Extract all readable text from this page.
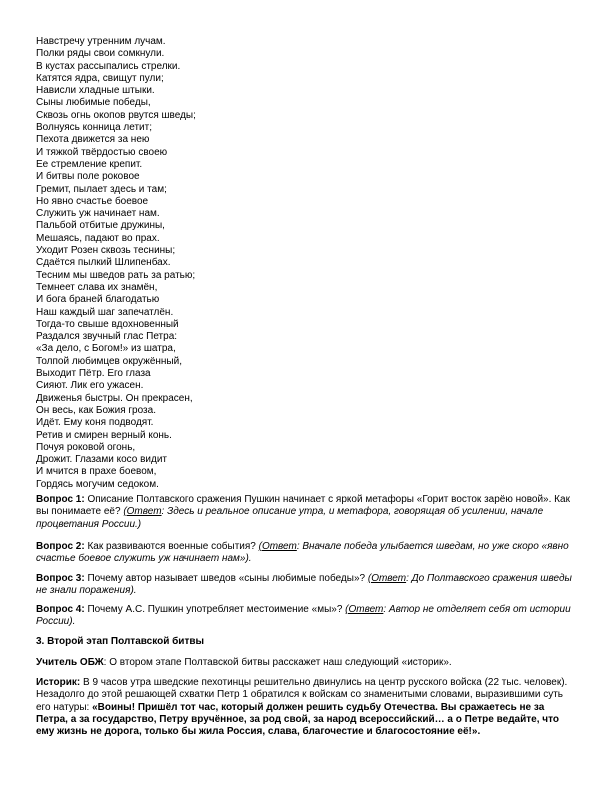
Навстречу утренним лучам.
Полки ряды свои сомкнули.
В кустах рассыпались стрелки.
Катятся ядра, свищут пули;
Нависли хладные штыки.
Сыны любимые победы,
Сквозь огнь окопов рвутся шведы;
Волнуясь конница летит;
Пехота движется за нею
И тяжкой твёрдостью своею
Ее стремление крепит.
И битвы поле роковое
Гремит, пылает здесь и там;
Но явно счастье боевое
Служить уж начинает нам.
Пальбой отбитые дружины,
Мешаясь, падают во прах.
Уходит Розен сквозь теснины;
Сдаётся пылкий Шлипенбах.
Тесним мы шведов рать за ратью;
Темнеет слава их знамён,
И бога браней благодатью
Наш каждый шаг запечатлён.
Тогда-то свыше вдохновенный
Раздался звучный глас Петра:
«За дело, с Богом!» из шатра,
Толпой любимцев окружённый,
Выходит Пётр. Его глаза
Сияют. Лик его ужасен.
Движенья быстры. Он прекрасен,
Он весь, как Божия гроза.
Идёт. Ему коня подводят.
Ретив и смирен верный конь.
Почуя роковой огонь,
Дрожит. Глазами косо видит
И мчится в прахе боевом,
Гордясь могучим седоком.

Вопрос 1: Описание Полтавского сражения Пушкин начинает с яркой метафоры «Горит восток зарёю новой». Как вы понимаете её? (Ответ: Здесь и реальное описание утра, и метафора, говорящая об усилении, начале процветания России.)

Вопрос 2: Как развиваются военные события? (Ответ: Вначале победа улыбается шведам, но уже скоро «явно счастье боевое служить уж начинает нам»).

Вопрос 3: Почему автор называет шведов «сыны любимые победы»? (Ответ: До Полтавского сражения шведы не знали поражения).

Вопрос 4: Почему А.С. Пушкин употребляет местоимение «мы»? (Ответ: Автор не отделяет себя от истории России).

3. Второй этап Полтавской битвы

Учитель ОБЖ: О втором этапе Полтавской битвы расскажет наш следующий «историк».

Историк: В 9 часов утра шведские пехотинцы решительно двинулись на центр русского войска (22 тыс. человек). Незадолго до этой решающей схватки Петр 1 обратился к войскам со знаменитыми словами, выразившими суть его натуры: «Воины! Пришёл тот час, который должен решить судьбу Отечества. Вы сражаетесь не за Петра, а за государство, Петру вручённое, за род свой, за народ всероссийский… а о Петре ведайте, что ему жизнь не дорога, только бы жила Россия, слава, благочестие и благосостояние её!».
